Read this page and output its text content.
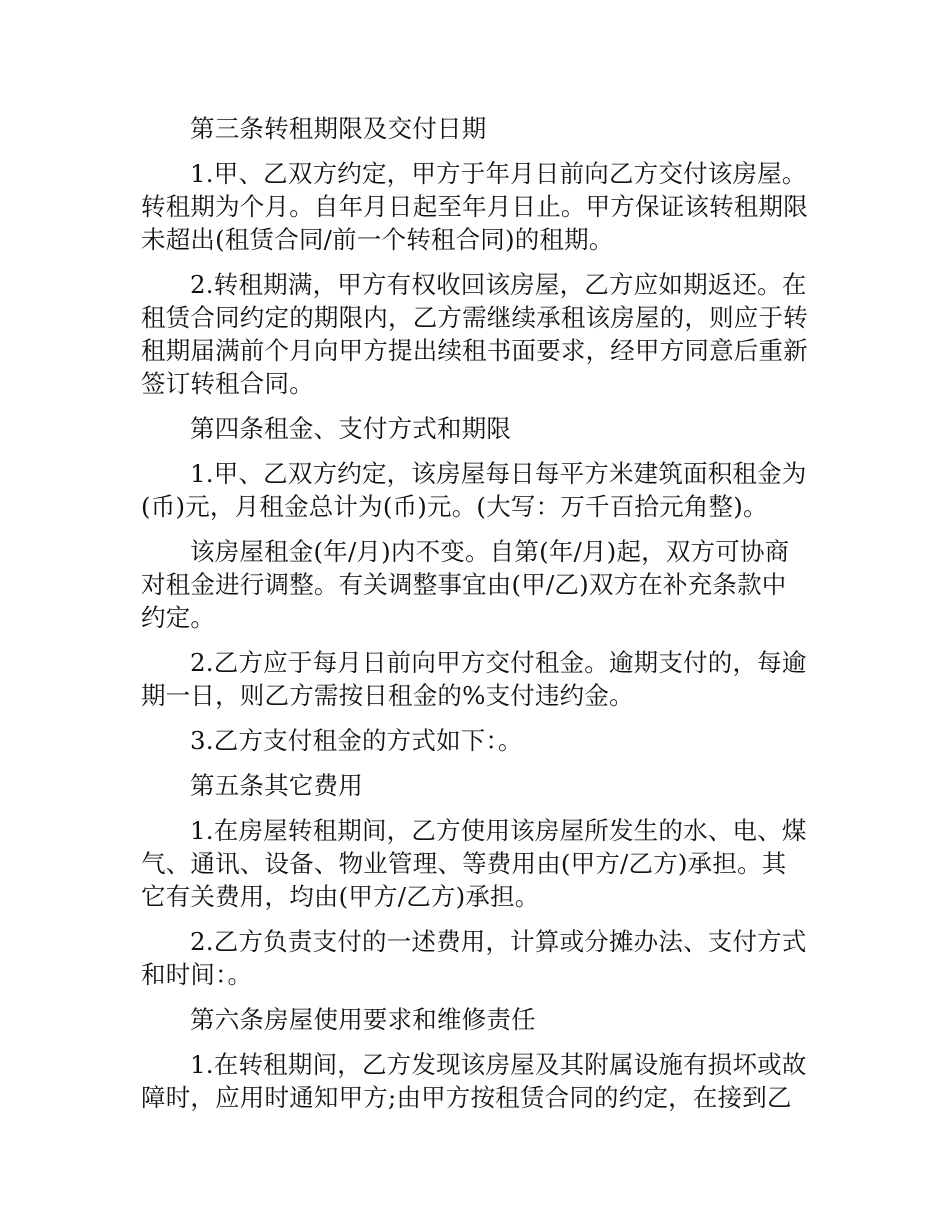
第三条转租期限及交付日期

1.甲、乙双方约定，甲方于年月日前向乙方交付该房屋。转租期为个月。自年月日起至年月日止。甲方保证该转租期限未超出(租赁合同/前一个转租合同)的租期。

2.转租期满，甲方有权收回该房屋，乙方应如期返还。在租赁合同约定的期限内，乙方需继续承租该房屋的，则应于转租期届满前个月向甲方提出续租书面要求，经甲方同意后重新签订转租合同。

第四条租金、支付方式和期限

1.甲、乙双方约定，该房屋每日每平方米建筑面积租金为(币)元，月租金总计为(币)元。(大写：万千百拾元角整)。

该房屋租金(年/月)内不变。自第(年/月)起，双方可协商对租金进行调整。有关调整事宜由(甲/乙)双方在补充条款中约定。

2.乙方应于每月日前向甲方交付租金。逾期支付的，每逾期一日，则乙方需按日租金的%支付违约金。

3.乙方支付租金的方式如下：。

第五条其它费用

1.在房屋转租期间，乙方使用该房屋所发生的水、电、煤气、通讯、设备、物业管理、等费用由(甲方/乙方)承担。其它有关费用，均由(甲方/乙方)承担。

2.乙方负责支付的一述费用，计算或分摊办法、支付方式和时间：。

第六条房屋使用要求和维修责任

1.在转租期间，乙方发现该房屋及其附属设施有损坏或故障时，应用时通知甲方;由甲方按租赁合同的约定，在接到乙
